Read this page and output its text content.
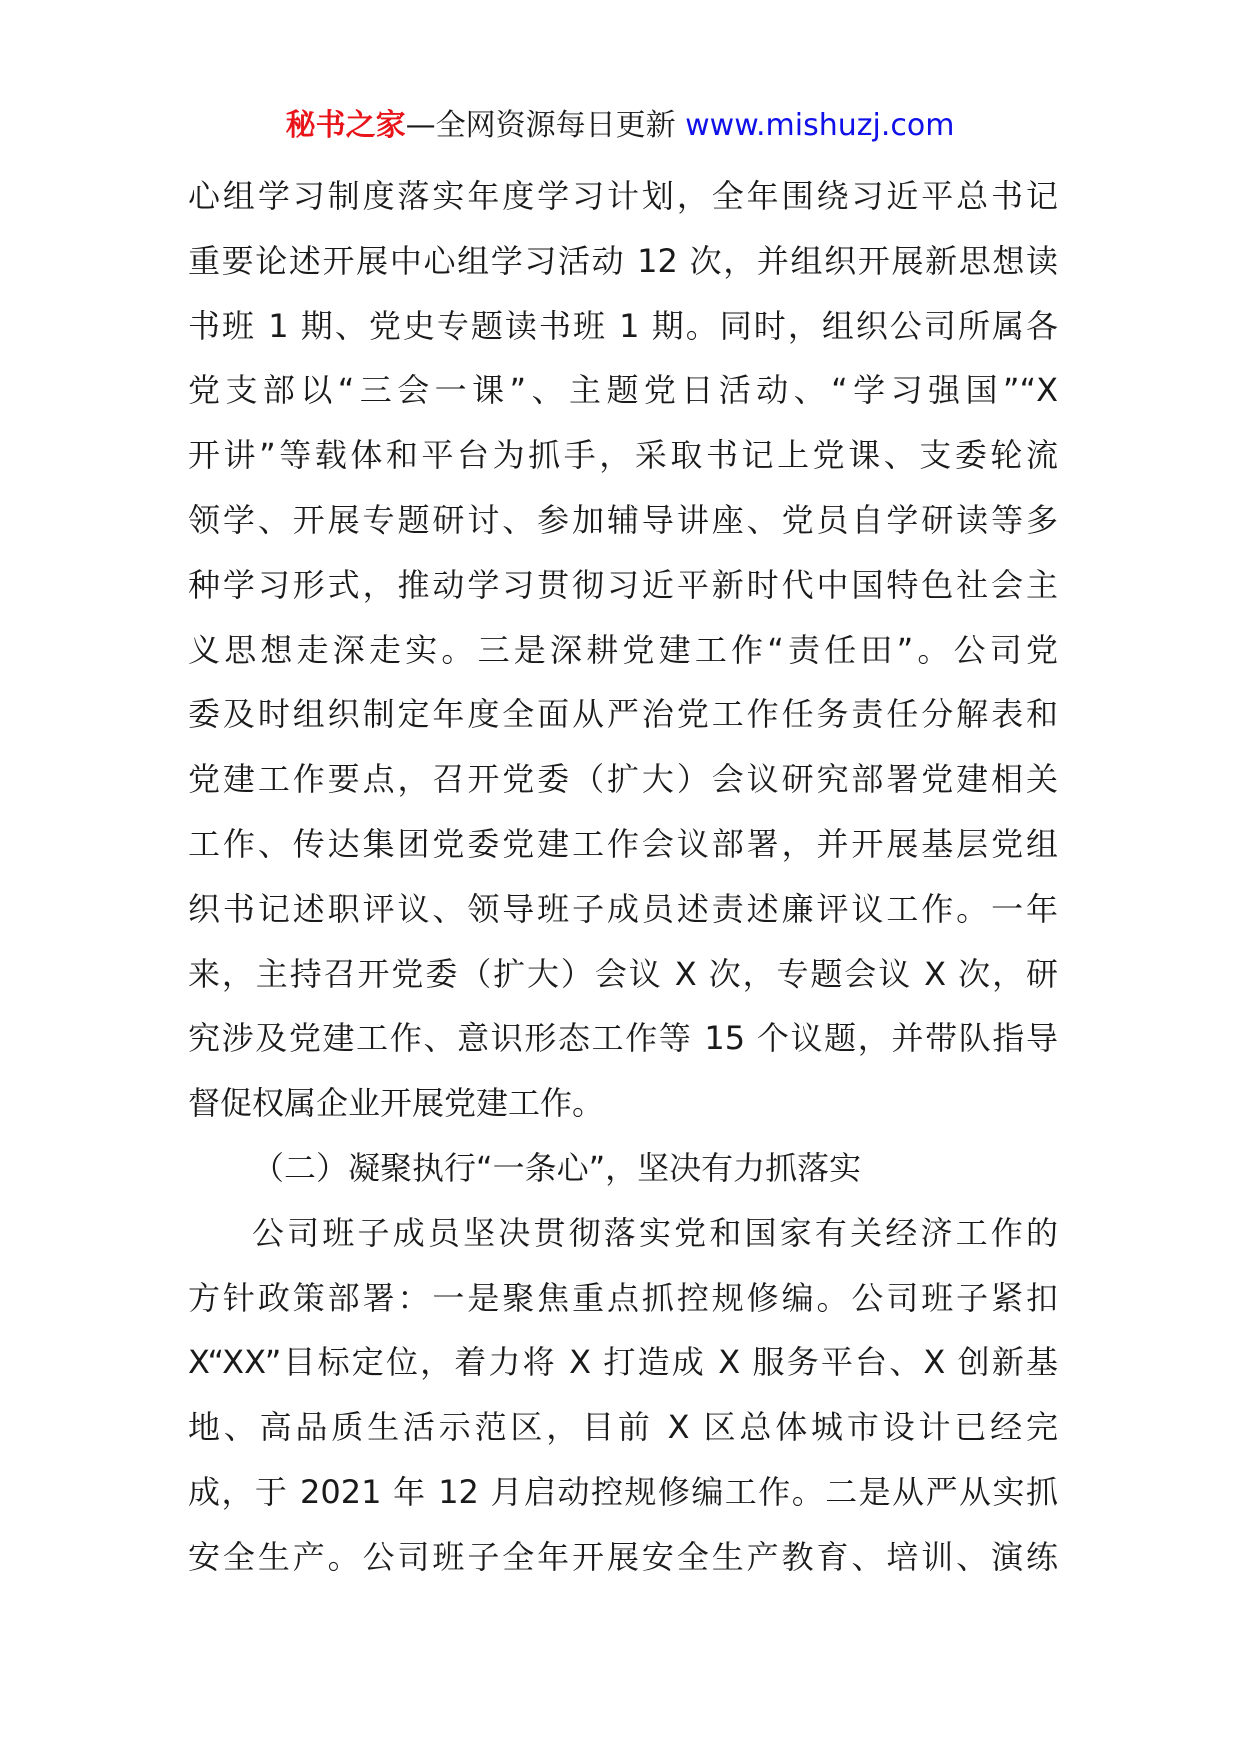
秘书之家—全网资源每日更新 www.mishuzj.com
心组学习制度落实年度学习计划，全年围绕习近平总书记
重要论述开展中心组学习活动 12 次，并组织开展新思想读
书班 1 期、党史专题读书班 1 期。同时，组织公司所属各
党支部以“三会一课”、主题党日活动、“学习强国”“X
开讲”等载体和平台为抓手，采取书记上党课、支委轮流
领学、开展专题研讨、参加辅导讲座、党员自学研读等多
种学习形式，推动学习贯彻习近平新时代中国特色社会主
义思想走深走实。三是深耕党建工作“责任田”。公司党
委及时组织制定年度全面从严治党工作任务责任分解表和
党建工作要点，召开党委（扩大）会议研究部署党建相关
工作、传达集团党委党建工作会议部署，并开展基层党组
织书记述职评议、领导班子成员述责述廉评议工作。一年
来，主持召开党委（扩大）会议 X 次，专题会议 X 次，研
究涉及党建工作、意识形态工作等 15 个议题，并带队指导
督促权属企业开展党建工作。
（二）凝聚执行“一条心”，坚决有力抓落实
公司班子成员坚决贯彻落实党和国家有关经济工作的
方针政策部署：一是聚焦重点抓控规修编。公司班子紧扣
X“XX”目标定位，着力将 X 打造成 X 服务平台、X 创新基
地、高品质生活示范区，目前 X 区总体城市设计已经完
成，于 2021 年 12 月启动控规修编工作。二是从严从实抓
安全生产。公司班子全年开展安全生产教育、培训、演练
